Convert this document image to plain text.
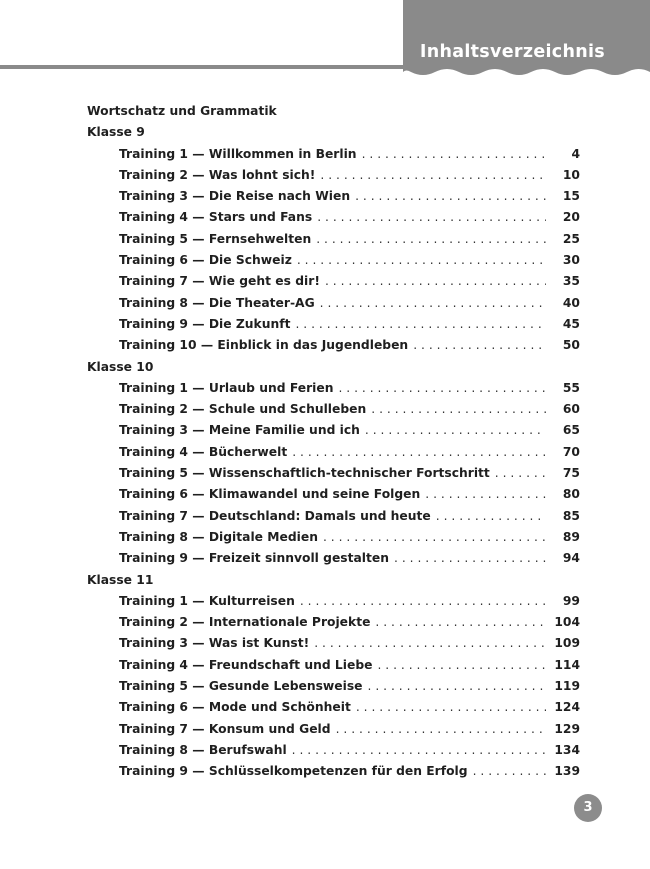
Inhaltsverzeichnis
Wortschatz und Grammatik
Klasse 9
Training 1 — Willkommen in Berlin . . .	4
Training 2 — Was lohnt sich! . . .	10
Training 3 — Die Reise nach Wien . . .	15
Training 4 — Stars und Fans . . .	20
Training 5 — Fernsehwelten . . .	25
Training 6 — Die Schweiz . . .	30
Training 7 — Wie geht es dir! . . .	35
Training 8 — Die Theater-AG . . .	40
Training 9 — Die Zukunft . . .	45
Training 10 — Einblick in das Jugendleben . . .	50
Klasse 10
Training 1 — Urlaub und Ferien . . .	55
Training 2 — Schule und Schulleben . . .	60
Training 3 — Meine Familie und ich . . .	65
Training 4 — Bücherwelt . . .	70
Training 5 — Wissenschaftlich-technischer Fortschritt . . .	75
Training 6 — Klimawandel und seine Folgen . . .	80
Training 7 — Deutschland: Damals und heute . . .	85
Training 8 — Digitale Medien . . .	89
Training 9 — Freizeit sinnvoll gestalten . . .	94
Klasse 11
Training 1 — Kulturreisen . . .	99
Training 2 — Internationale Projekte . . .	104
Training 3 — Was ist Kunst! . . .	109
Training 4 — Freundschaft und Liebe . . .	114
Training 5 — Gesunde Lebensweise . . .	119
Training 6 — Mode und Schönheit . . .	124
Training 7 — Konsum und Geld . . .	129
Training 8 — Berufswahl . . .	134
Training 9 — Schlüsselkompetenzen für den Erfolg . . .	139
3
